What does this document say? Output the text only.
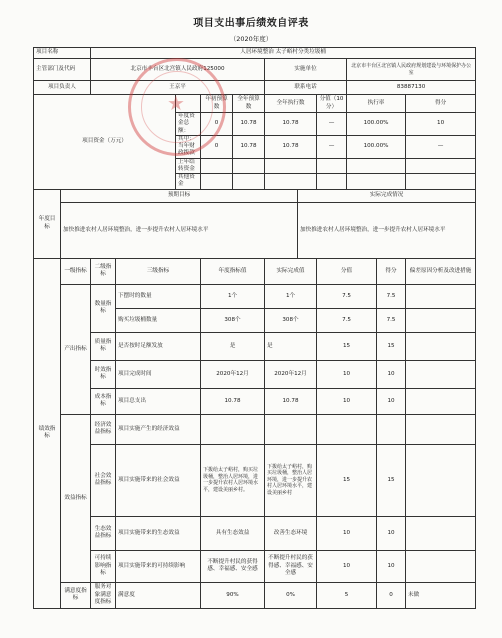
项目支出事后绩效自评表
（2020年度）
项目名称		人居环境整治 太子峪村分类垃圾桶										
主管部门及代码		北京市丰台区北宫镇人民政府125000					实施单位			北京市丰台区北宫镇人民政府规划建设与环境保护办公室		
项目负责人		王京平					联系电话			83887130		
项目资金（万元）					年初预算数	全年预算数	全年执行数		分值（10分）	执行率		得分
				年度资金总额：	0	10.78	10.78		—	100.00%		10
				其中：当年财政拨款	0	10.78	10.78		—	100.00%		—
				上年结转资金								
				其他资金								
年度目标	预期目标							实际完成情况				
	加快推进农村人居环境整治，进一步提升农村人居环境水平							加快推进农村人居环境整治，进一步提升农村人居环境水平				
绩效指标	一级指标	二级指标	三级指标		年度指标值		实际完成值		分值		得分	偏差原因分析及改进措施
	产出指标	数量指标	下摆时的数量		1个		1个		7.5		7.5	
			购买垃圾桶数量		308个		308个		7.5		7.5	
		质量指标	是否按时足额发放		是		是		15		15	
		时效指标	项目完成时间		2020年12月		2020年12月		10		10	
		成本指标	项目总支出		10.78		10.78		10		10	
	效益指标	经济效益指标	项目实施产生的经济效益									
		社会效益指标	项目实施带来的社会效益		下拨给太子峪村，购买垃圾桶，整治人居环境，进一步提升农村人居环境水平，建设美丽乡村。		下拨给太子峪村，购买垃圾桶，整治人居环境，进一步提升农村人居环境水平，建设美丽乡村		15		15	
		生态效益指标	项目实施带来的生态效益		具有生态效益		改善生态环境		10		10	
		可持续影响指标	项目实施带来的可持续影响		不断提升村民的获得感、幸福感、安全感		不断提升村民的获得感、幸福感、安全感		10		10	
	满意度指标	服务对象满意度指标	满意度		90%		0%		5		0	未做
★
